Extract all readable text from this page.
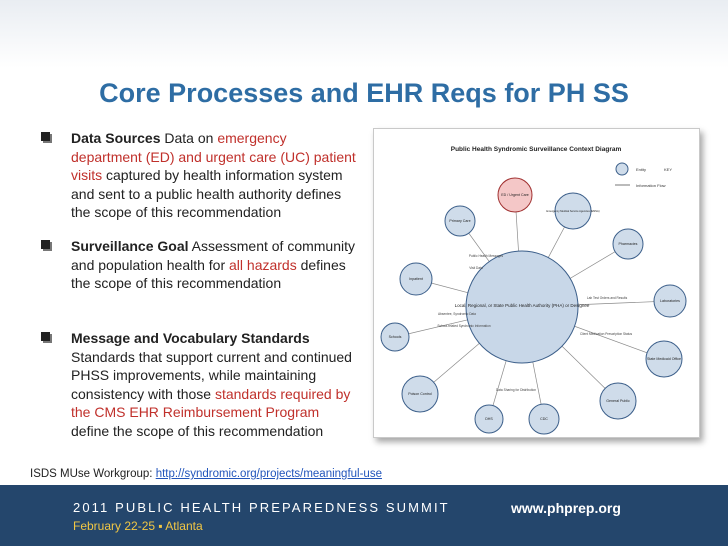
Core Processes and EHR Reqs for PH SS
Data Sources Data on emergency department (ED) and urgent care (UC) patient visits captured by health information system and sent to a public health authority defines the scope of this recommendation
Surveillance Goal Assessment of community and population health for all hazards defines the scope of this recommendation
Message and Vocabulary Standards Standards that support current and continued PHSS improvements, while maintaining consistency with those standards required by the CMS EHR Reimbursement Program define the scope of this recommendation
ISDS MUse Workgroup: http://syndromic.org/projects/meaningful-use
Public Health Syndromic Surveillance Context Diagram
Entity	KEY
Information Flow
Local, Regional, or State Public Health Authority (PHA) or Designee
ED / Urgent Care
Primary Care
Emergency Medical Service Agencies (EMSA)
Pharmacies
Inpatient
Laboratories
Schools
State Medicaid Office
Poison Control
General Public
CDC
DHS
Visit Data
Public Health Messages
Absentee, Syndromic Data
School-related Syndromic Information
Lab Test Orders and Results
Client Medication Prescription Status
Data Sharing for Distribution
2011 PUBLIC HEALTH PREPAREDNESS SUMMIT
February 22-25 ▪ Atlanta
www.phprep.org
